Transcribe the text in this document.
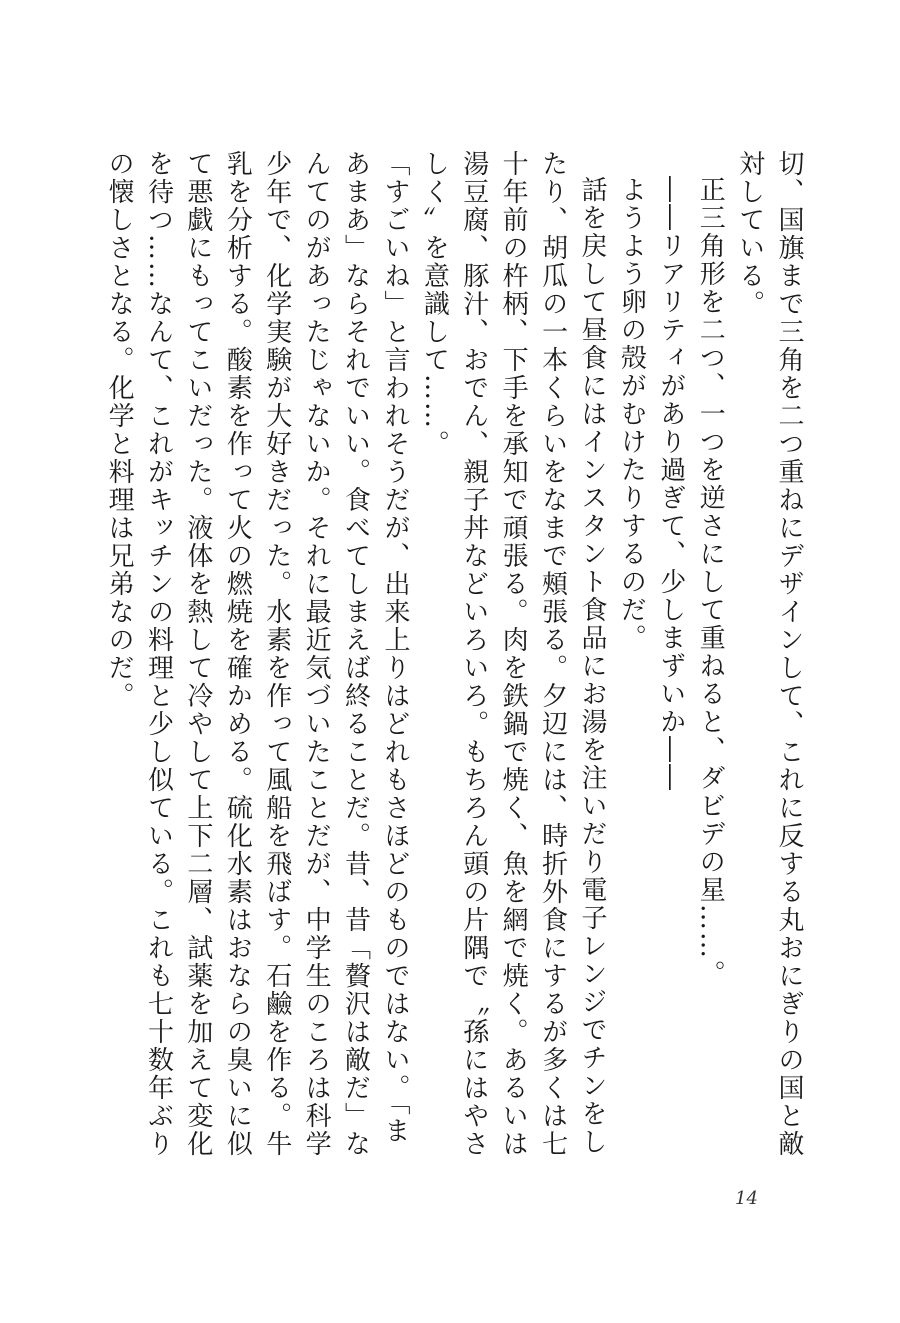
切、国旗まで三角を二つ重ねにデザインして、これに反する丸おにぎりの国と敵対している。

正三角形を二つ、一つを逆さにして重ねると、ダビデの星……。

――リアリティがあり過ぎて、少しまずいか――

ようよう卵の殻がむけたりするのだ。

話を戻して昼食にはインスタント食品にお湯を注いだり電子レンジでチンをしたり、胡瓜の一本くらいをなまで頰張る。夕辺には、時折外食にするが多くは七十年前の杵柄、下手を承知で頑張る。肉を鉄鍋で焼く、魚を網で焼く。あるいは湯豆腐、豚汁、おでん、親子丼などいろいろ。もちろん頭の片隅で〝孫にはやさしく〟を意識して……。

「すごいね」と言われそうだが、出来上りはどれもさほどのものではない。「まあまあ」ならそれでいい。食べてしまえば終ることだ。昔、昔「贅沢は敵だ」なんてのがあったじゃないか。それに最近気づいたことだが、中学生のころは科学少年で、化学実験が大好きだった。水素を作って風船を飛ばす。石鹼を作る。牛乳を分析する。酸素を作って火の燃焼を確かめる。硫化水素はおならの臭いに似て悪戯にもってこいだった。液体を熱して冷やして上下二層、試薬を加えて変化を待つ……なんて、これがキッチンの料理と少し似ている。これも七十数年ぶりの懐しさとなる。化学と料理は兄弟なのだ。

14
